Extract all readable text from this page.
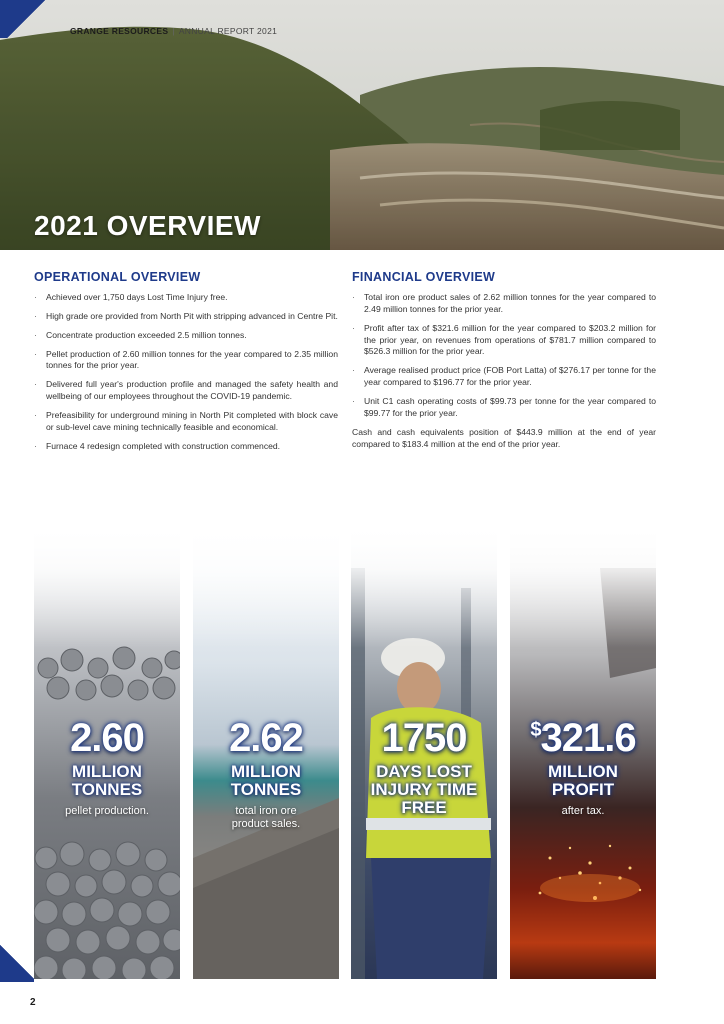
GRANGE RESOURCES | ANNUAL REPORT 2021
2021 OVERVIEW
OPERATIONAL OVERVIEW
· Achieved over 1,750 days Lost Time Injury free.
· High grade ore provided from North Pit with stripping advanced in Centre Pit.
· Concentrate production exceeded 2.5 million tonnes.
· Pellet production of 2.60 million tonnes for the year compared to 2.35 million tonnes for the prior year.
· Delivered full year's production profile and managed the safety health and wellbeing of our employees throughout the COVID-19 pandemic.
· Prefeasibility for underground mining in North Pit completed with block cave or sub-level cave mining technically feasible and economical.
· Furnace 4 redesign completed with construction commenced.
FINANCIAL OVERVIEW
· Total iron ore product sales of 2.62 million tonnes for the year compared to 2.49 million tonnes for the prior year.
· Profit after tax of $321.6 million for the year compared to $203.2 million for the prior year, on revenues from operations of $781.7 million compared to $526.3 million for the prior year.
· Average realised product price (FOB Port Latta) of $276.17 per tonne for the year compared to $196.77 for the prior year.
· Unit C1 cash operating costs of $99.73 per tonne for the year compared to $99.77 for the prior year.

Cash and cash equivalents position of $443.9 million at the end of year compared to $183.4 million at the end of the prior year.

2.60
MILLION
TONNES
pellet production.
2.62
MILLION
TONNES
total iron ore
product sales.
1750
DAYS LOST
INJURY TIME
FREE
$321.6
MILLION
PROFIT
after tax.
2
